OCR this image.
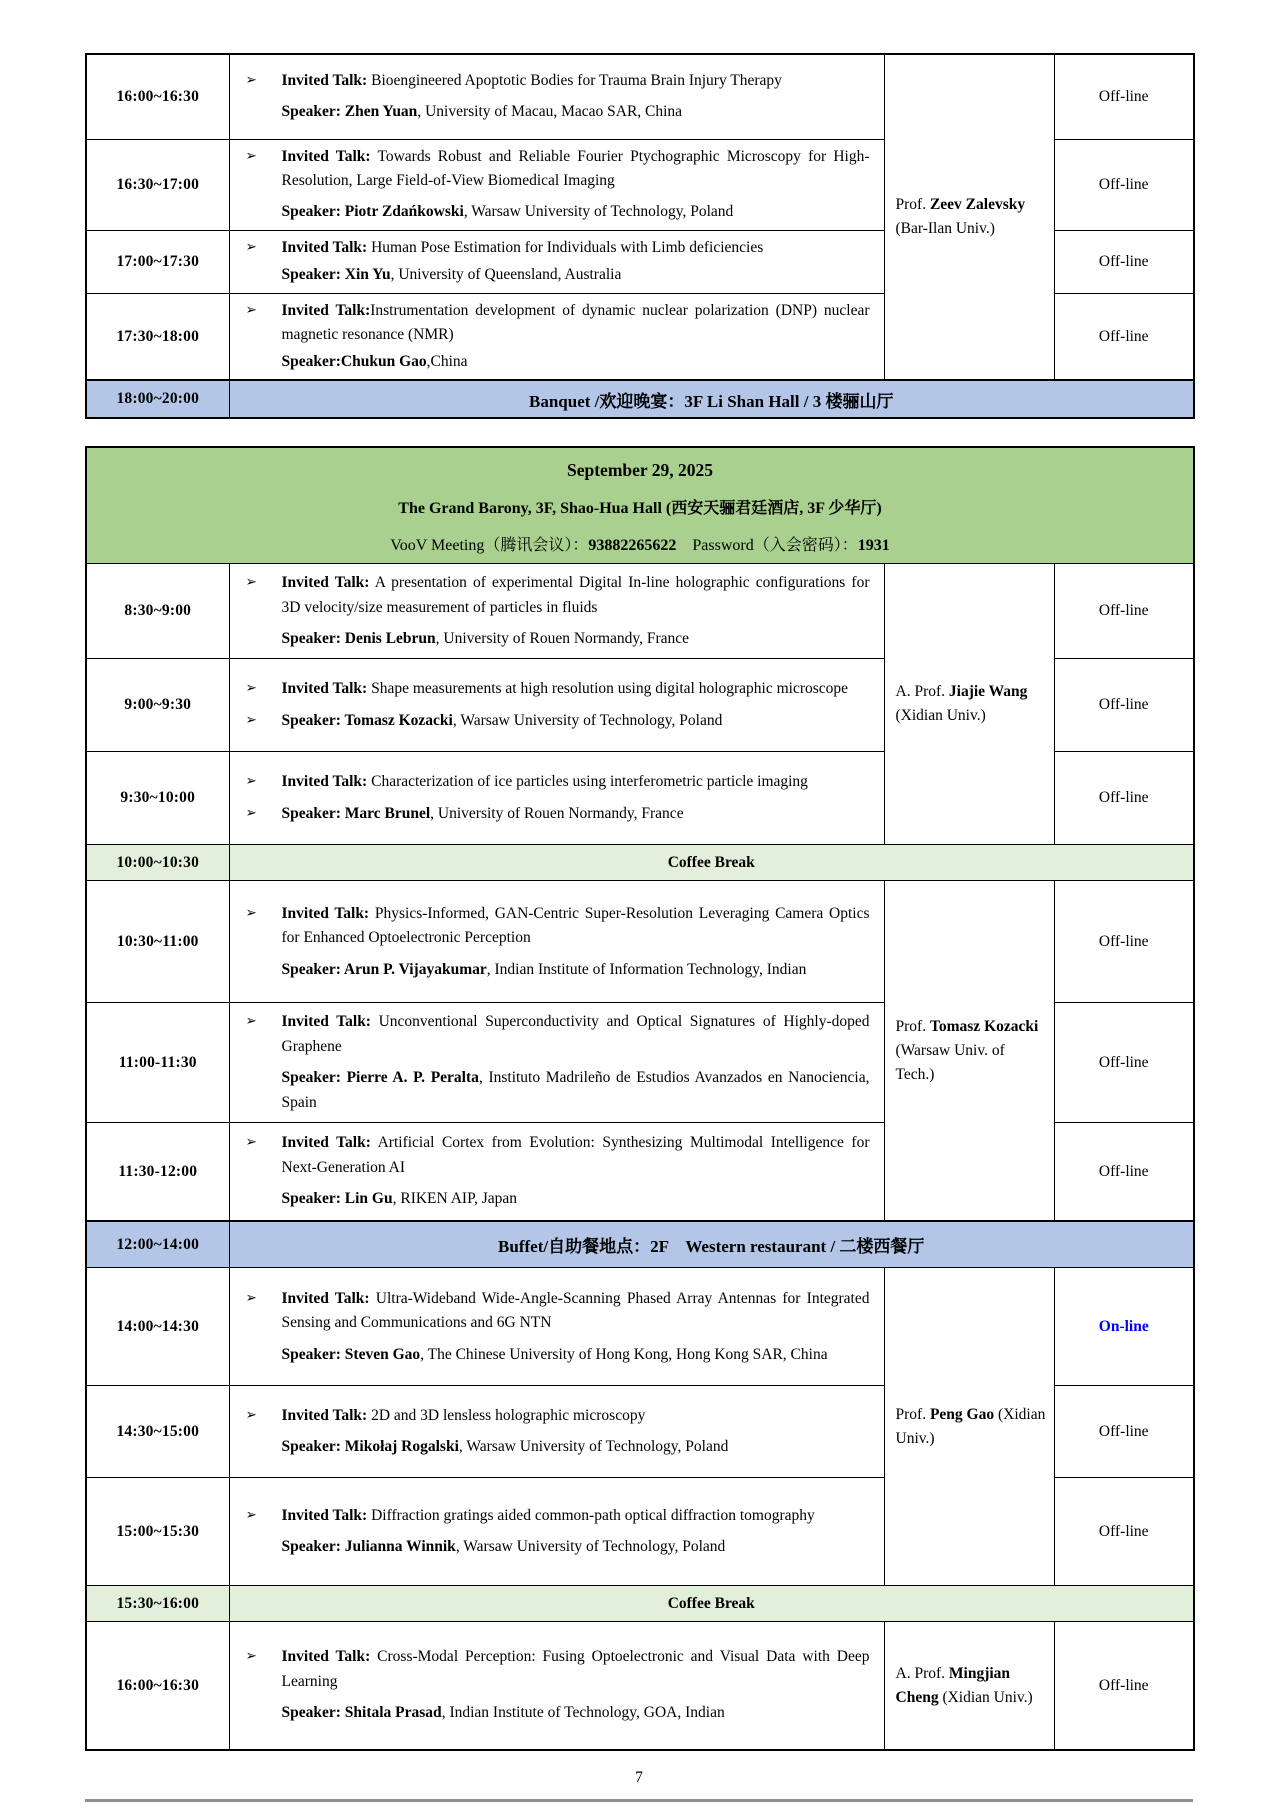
16:00~16:30	➢ Invited Talk: Bioengineered Apoptotic Bodies for Trauma Brain Injury Therapy

Speaker: Zhen Yuan, University of Macau, Macao SAR, China	Prof. Zeev Zalevsky (Bar-Ilan Univ.)	Off-line
16:30~17:00	➢ Invited Talk: Towards Robust and Reliable Fourier Ptychographic Microscopy for High-Resolution, Large Field-of-View Biomedical Imaging

Speaker: Piotr Zdańkowski, Warsaw University of Technology, Poland		Off-line
17:00~17:30	➢ Invited Talk: Human Pose Estimation for Individuals with Limb deficiencies

Speaker: Xin Yu, University of Queensland, Australia		Off-line
17:30~18:00	➢ Invited Talk:Instrumentation development of dynamic nuclear polarization (DNP) nuclear magnetic resonance (NMR)

Speaker:Chukun Gao,China		Off-line
18:00~20:00	Banquet /欢迎晚宴：3F Li Shan Hall / 3 楼骊山厅		

September 29, 2025

The Grand Barony, 3F, Shao-Hua Hall (西安天骊君廷酒店, 3F 少华厅)

VooV Meeting（腾讯会议）：93882265622　Password（入会密码）：1931			

8:30~9:00	➢ Invited Talk: A presentation of experimental Digital In-line holographic configurations for 3D velocity/size measurement of particles in fluids

Speaker: Denis Lebrun, University of Rouen Normandy, France	A. Prof. Jiajie Wang (Xidian Univ.)	Off-line
9:00~9:30	➢ Invited Talk: Shape measurements at high resolution using digital holographic microscope

➢ Speaker: Tomasz Kozacki, Warsaw University of Technology, Poland		Off-line
9:30~10:00	➢ Invited Talk: Characterization of ice particles using interferometric particle imaging

➢ Speaker: Marc Brunel, University of Rouen Normandy, France		Off-line
10:00~10:30	Coffee Break		
10:30~11:00	➢ Invited Talk: Physics-Informed, GAN-Centric Super-Resolution Leveraging Camera Optics for Enhanced Optoelectronic Perception

Speaker: Arun P. Vijayakumar, Indian Institute of Information Technology, Indian	Prof. Tomasz Kozacki (Warsaw Univ. of Tech.)	Off-line
11:00-11:30	➢ Invited Talk: Unconventional Superconductivity and Optical Signatures of Highly-doped Graphene

Speaker: Pierre A. P. Peralta, Instituto Madrileño de Estudios Avanzados en Nanociencia, Spain		Off-line
11:30-12:00	➢ Invited Talk: Artificial Cortex from Evolution: Synthesizing Multimodal Intelligence for Next-Generation AI

Speaker: Lin Gu, RIKEN AIP, Japan		Off-line
12:00~14:00	Buffet/自助餐地点：2F　Western restaurant / 二楼西餐厅		
14:00~14:30	➢ Invited Talk: Ultra-Wideband Wide-Angle-Scanning Phased Array Antennas for Integrated Sensing and Communications and 6G NTN

Speaker: Steven Gao, The Chinese University of Hong Kong, Hong Kong SAR, China	Prof. Peng Gao (Xidian Univ.)	On-line
14:30~15:00	➢ Invited Talk: 2D and 3D lensless holographic microscopy

Speaker: Mikołaj Rogalski, Warsaw University of Technology, Poland		Off-line
15:00~15:30	➢ Invited Talk: Diffraction gratings aided common-path optical diffraction tomography

Speaker: Julianna Winnik, Warsaw University of Technology, Poland		Off-line
15:30~16:00	Coffee Break		
16:00~16:30	➢ Invited Talk: Cross-Modal Perception: Fusing Optoelectronic and Visual Data with Deep Learning

Speaker: Shitala Prasad, Indian Institute of Technology, GOA, Indian	A. Prof. Mingjian Cheng (Xidian Univ.)	Off-line
7
